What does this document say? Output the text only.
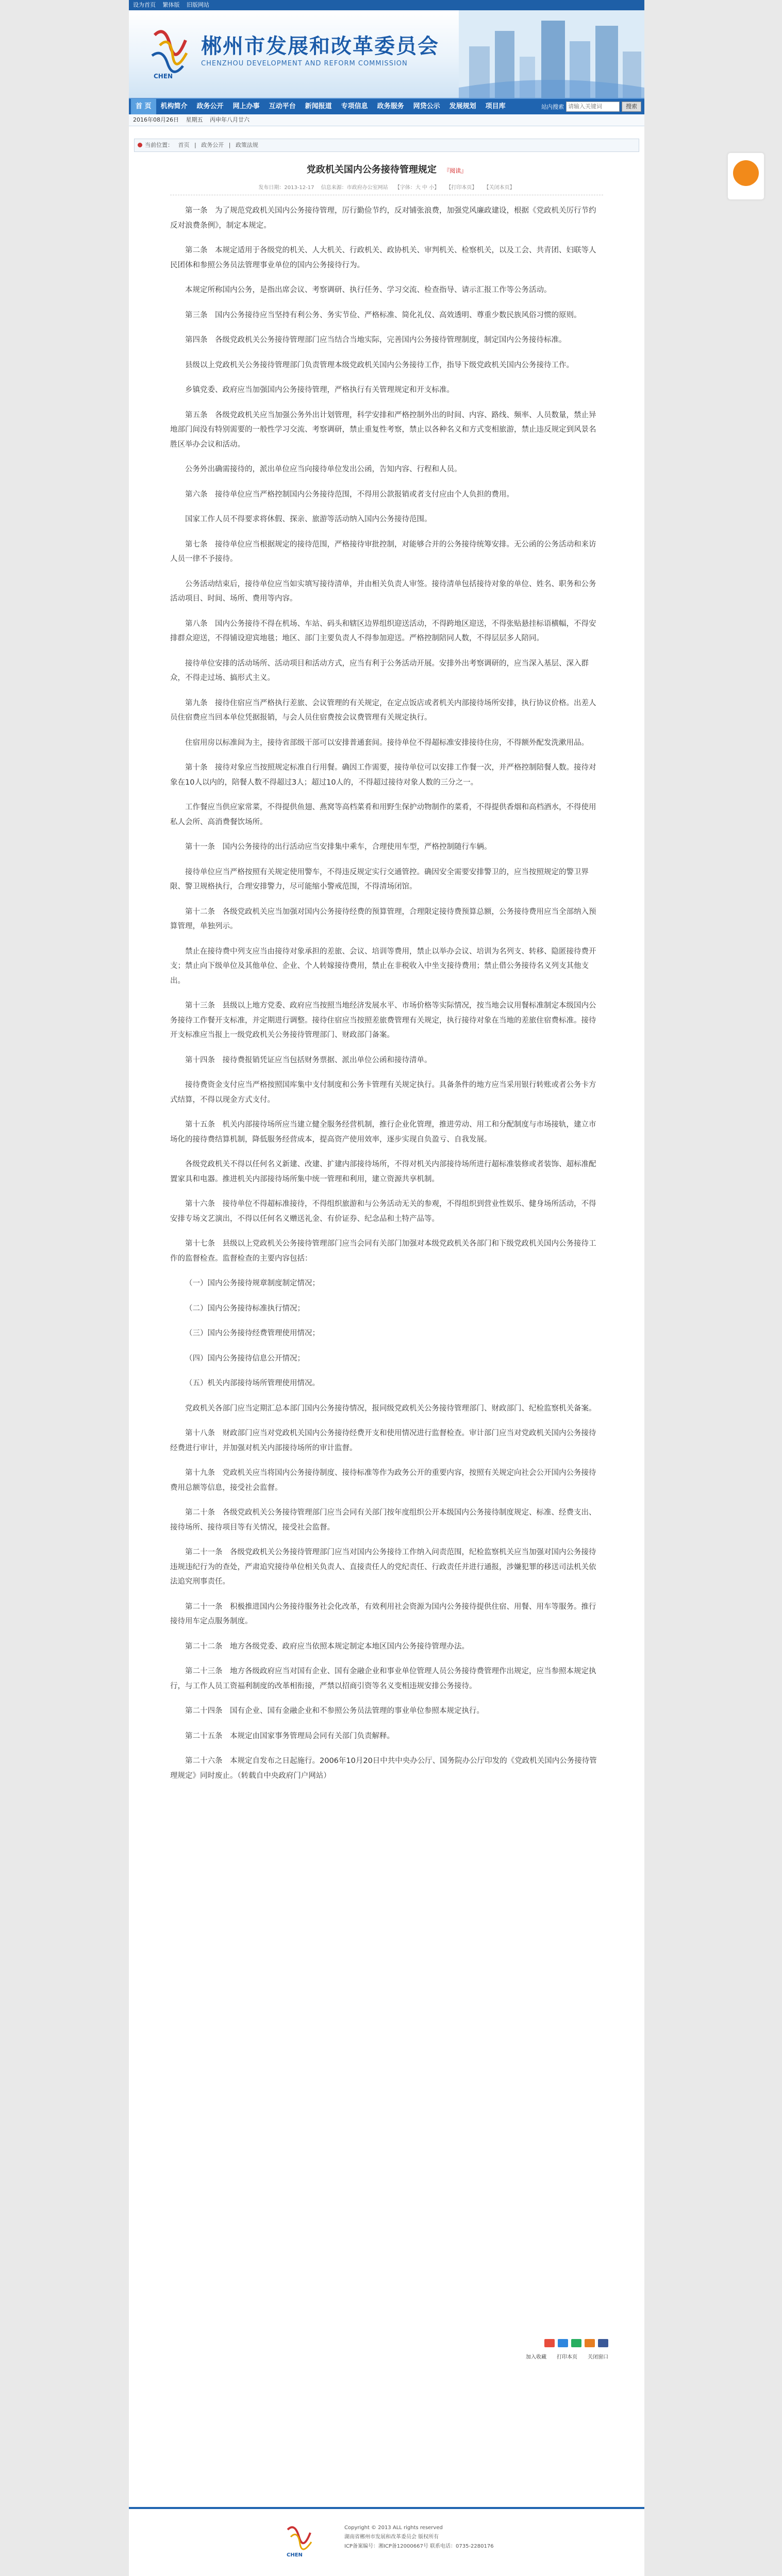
设为首页 繁体版 旧版网站
CHEN
郴州市发展和改革委员会
CHENZHOU DEVELOPMENT AND REFORM COMMISSION
首 页	机构简介	政务公开	网上办事	互动平台	新闻报道	专项信息	政务服务	网贷公示	发展规划	项目库	站内搜索
请输入关键词	搜索
2016年08月26日 星期五 丙申年八月廿六
当前位置： 首页 | 政务公开 | 政策法规
党政机关国内公务接待管理规定 『阅读』
发布日期：2013-12-17 信息来源：市政府办公室网站 【字体：大 中 小】 【打印本页】 【关闭本页】

第一条　为了规范党政机关国内公务接待管理，厉行勤俭节约，反对铺张浪费，加强党风廉政建设，根据《党政机关厉行节约反对浪费条例》，制定本规定。

第二条　本规定适用于各级党的机关、人大机关、行政机关、政协机关、审判机关、检察机关，以及工会、共青团、妇联等人民团体和参照公务员法管理事业单位的国内公务接待行为。

本规定所称国内公务，是指出席会议、考察调研、执行任务、学习交流、检查指导、请示汇报工作等公务活动。

第三条　国内公务接待应当坚持有利公务、务实节俭、严格标准、简化礼仪、高效透明、尊重少数民族风俗习惯的原则。

第四条　各级党政机关公务接待管理部门应当结合当地实际，完善国内公务接待管理制度，制定国内公务接待标准。

县级以上党政机关公务接待管理部门负责管理本级党政机关国内公务接待工作，指导下级党政机关国内公务接待工作。

乡镇党委、政府应当加强国内公务接待管理，严格执行有关管理规定和开支标准。

第五条　各级党政机关应当加强公务外出计划管理，科学安排和严格控制外出的时间、内容、路线、频率、人员数量，禁止异地部门间没有特别需要的一般性学习交流、考察调研，禁止重复性考察，禁止以各种名义和方式变相旅游，禁止违反规定到风景名胜区举办会议和活动。

公务外出确需接待的，派出单位应当向接待单位发出公函，告知内容、行程和人员。

第六条　接待单位应当严格控制国内公务接待范围，不得用公款报销或者支付应由个人负担的费用。

国家工作人员不得要求将休假、探亲、旅游等活动纳入国内公务接待范围。

第七条　接待单位应当根据规定的接待范围，严格接待审批控制，对能够合并的公务接待统筹安排。无公函的公务活动和来访人员一律不予接待。

公务活动结束后，接待单位应当如实填写接待清单，并由相关负责人审签。接待清单包括接待对象的单位、姓名、职务和公务活动项目、时间、场所、费用等内容。

第八条　国内公务接待不得在机场、车站、码头和辖区边界组织迎送活动，不得跨地区迎送，不得张贴悬挂标语横幅，不得安排群众迎送，不得铺设迎宾地毯；地区、部门主要负责人不得参加迎送。严格控制陪同人数，不得层层多人陪同。

接待单位安排的活动场所、活动项目和活动方式，应当有利于公务活动开展。安排外出考察调研的，应当深入基层、深入群众，不得走过场、搞形式主义。

第九条　接待住宿应当严格执行差旅、会议管理的有关规定，在定点饭店或者机关内部接待场所安排，执行协议价格。出差人员住宿费应当回本单位凭据报销，与会人员住宿费按会议费管理有关规定执行。

住宿用房以标准间为主，接待省部级干部可以安排普通套间。接待单位不得超标准安排接待住房，不得额外配发洗漱用品。

第十条　接待对象应当按照规定标准自行用餐。确因工作需要，接待单位可以安排工作餐一次，并严格控制陪餐人数。接待对象在10人以内的，陪餐人数不得超过3人；超过10人的，不得超过接待对象人数的三分之一。

工作餐应当供应家常菜，不得提供鱼翅、燕窝等高档菜肴和用野生保护动物制作的菜肴，不得提供香烟和高档酒水，不得使用私人会所、高消费餐饮场所。

第十一条　国内公务接待的出行活动应当安排集中乘车，合理使用车型，严格控制随行车辆。

接待单位应当严格按照有关规定使用警车，不得违反规定实行交通管控。确因安全需要安排警卫的，应当按照规定的警卫界限、警卫规格执行，合理安排警力，尽可能缩小警戒范围，不得清场闭馆。

第十二条　各级党政机关应当加强对国内公务接待经费的预算管理，合理限定接待费预算总额，公务接待费用应当全部纳入预算管理，单独列示。

禁止在接待费中列支应当由接待对象承担的差旅、会议、培训等费用，禁止以举办会议、培训为名列支、转移、隐匿接待费开支；禁止向下级单位及其他单位、企业、个人转嫁接待费用，禁止在非税收入中坐支接待费用；禁止借公务接待名义列支其他支出。

第十三条　县级以上地方党委、政府应当按照当地经济发展水平、市场价格等实际情况，按当地会议用餐标准制定本级国内公务接待工作餐开支标准，并定期进行调整。接待住宿应当按照差旅费管理有关规定，执行接待对象在当地的差旅住宿费标准。接待开支标准应当报上一级党政机关公务接待管理部门、财政部门备案。

第十四条　接待费报销凭证应当包括财务票据、派出单位公函和接待清单。

接待费资金支付应当严格按照国库集中支付制度和公务卡管理有关规定执行。具备条件的地方应当采用银行转账或者公务卡方式结算，不得以现金方式支付。

第十五条　机关内部接待场所应当建立健全服务经营机制，推行企业化管理，推进劳动、用工和分配制度与市场接轨，建立市场化的接待费结算机制，降低服务经营成本，提高资产使用效率，逐步实现自负盈亏、自我发展。

各级党政机关不得以任何名义新建、改建、扩建内部接待场所，不得对机关内部接待场所进行超标准装修或者装饰、超标准配置家具和电器。推进机关内部接待场所集中统一管理和利用，建立资源共享机制。

第十六条　接待单位不得超标准接待，不得组织旅游和与公务活动无关的参观，不得组织到营业性娱乐、健身场所活动，不得安排专场文艺演出，不得以任何名义赠送礼金、有价证券、纪念品和土特产品等。

第十七条　县级以上党政机关公务接待管理部门应当会同有关部门加强对本级党政机关各部门和下级党政机关国内公务接待工作的监督检查。监督检查的主要内容包括：

（一）国内公务接待规章制度制定情况；

（二）国内公务接待标准执行情况；

（三）国内公务接待经费管理使用情况；

（四）国内公务接待信息公开情况；

（五）机关内部接待场所管理使用情况。

党政机关各部门应当定期汇总本部门国内公务接待情况，报同级党政机关公务接待管理部门、财政部门、纪检监察机关备案。

第十八条　财政部门应当对党政机关国内公务接待经费开支和使用情况进行监督检查。审计部门应当对党政机关国内公务接待经费进行审计，并加强对机关内部接待场所的审计监督。

第十九条　党政机关应当将国内公务接待制度、接待标准等作为政务公开的重要内容，按照有关规定向社会公开国内公务接待费用总额等信息，接受社会监督。

第二十条　各级党政机关公务接待管理部门应当会同有关部门按年度组织公开本级国内公务接待制度规定、标准、经费支出、接待场所、接待项目等有关情况，接受社会监督。

第二十一条　各级党政机关公务接待管理部门应当对国内公务接待工作纳入问责范围，纪检监察机关应当加强对国内公务接待违规违纪行为的查处，严肃追究接待单位相关负责人、直接责任人的党纪责任、行政责任并进行通报，涉嫌犯罪的移送司法机关依法追究刑事责任。

第二十一条　积极推进国内公务接待服务社会化改革，有效利用社会资源为国内公务接待提供住宿、用餐、用车等服务。推行接待用车定点服务制度。

第二十二条　地方各级党委、政府应当依照本规定制定本地区国内公务接待管理办法。

第二十三条　地方各级政府应当对国有企业、国有金融企业和事业单位管理人员公务接待费管理作出规定，应当参照本规定执行，与工作人员工资福利制度的改革相衔接，严禁以招商引资等名义变相违规安排公务接待。

第二十四条　国有企业、国有金融企业和不参照公务员法管理的事业单位参照本规定执行。

第二十五条　本规定由国家事务管理局会同有关部门负责解释。

第二十六条　本规定自发布之日起施行。2006年10月20日中共中央办公厅、国务院办公厅印发的《党政机关国内公务接待管理规定》同时废止。（转载自中央政府门户网站）

加入收藏 打印本页 关闭窗口
CHEN
Copyright © 2013 ALL rights reserved
湖南省郴州市发展和改革委员会 版权所有
ICP备案编号：湘ICP备12000667号 联系电话：0735-2280176
